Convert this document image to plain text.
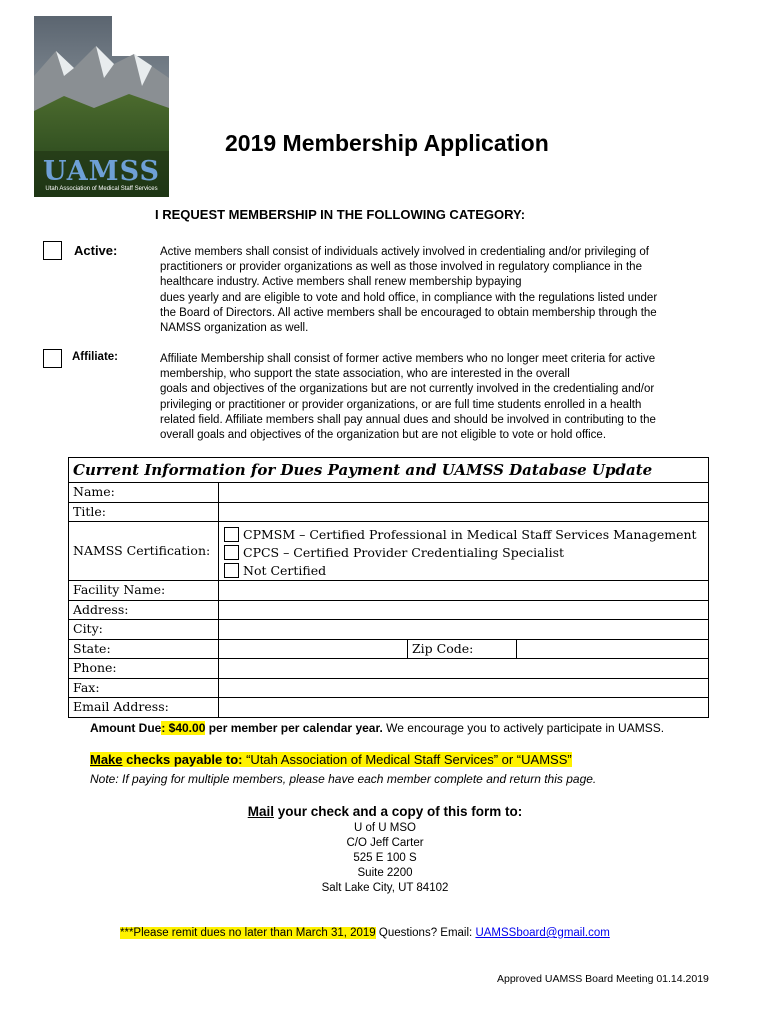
UAMSS
Utah Association of Medical Staff Services
2019 Membership Application
I REQUEST MEMBERSHIP IN THE FOLLOWING CATEGORY:
Active:	Active members shall consist of individuals actively involved in credentialing and/or privileging of
practitioners or provider organizations as well as those involved in regulatory compliance in the
healthcare industry. Active members shall renew membership bypaying
dues yearly and are eligible to vote and hold office, in compliance with the regulations listed under
the Board of Directors. All active members shall be encouraged to obtain membership through the
NAMSS organization as well.
Affiliate:	Affiliate Membership shall consist of former active members who no longer meet criteria for active
membership, who support the state association, who are interested in the overall
goals and objectives of the organizations but are not currently involved in the credentialing and/or
privileging or practitioner or provider organizations, or are full time students enrolled in a health
related field. Affiliate members shall pay annual dues and should be involved in contributing to the
overall goals and objectives of the organization but are not eligible to vote or hold office.
Current Information for Dues Payment and UAMSS Database Update
Name:
Title:
NAMSS Certification:
CPMSM – Certified Professional in Medical Staff Services Management
CPCS – Certified Provider Credentialing Specialist
Not Certified
Facility Name:
Address:
City:
State:	Zip Code:
Phone:
Fax:
Email Address:
Amount Due: $40.00 per member per calendar year. We encourage you to actively participate in UAMSS.
Make checks payable to: “Utah Association of Medical Staff Services” or “UAMSS”
Note: If paying for multiple members, please have each member complete and return this page.
Mail your check and a copy of this form to:
U of U MSO
C/O Jeff Carter
525 E 100 S
Suite 2200
Salt Lake City, UT 84102
***Please remit dues no later than March 31, 2019 Questions? Email: UAMSSboard@gmail.com
Approved UAMSS Board Meeting 01.14.2019
